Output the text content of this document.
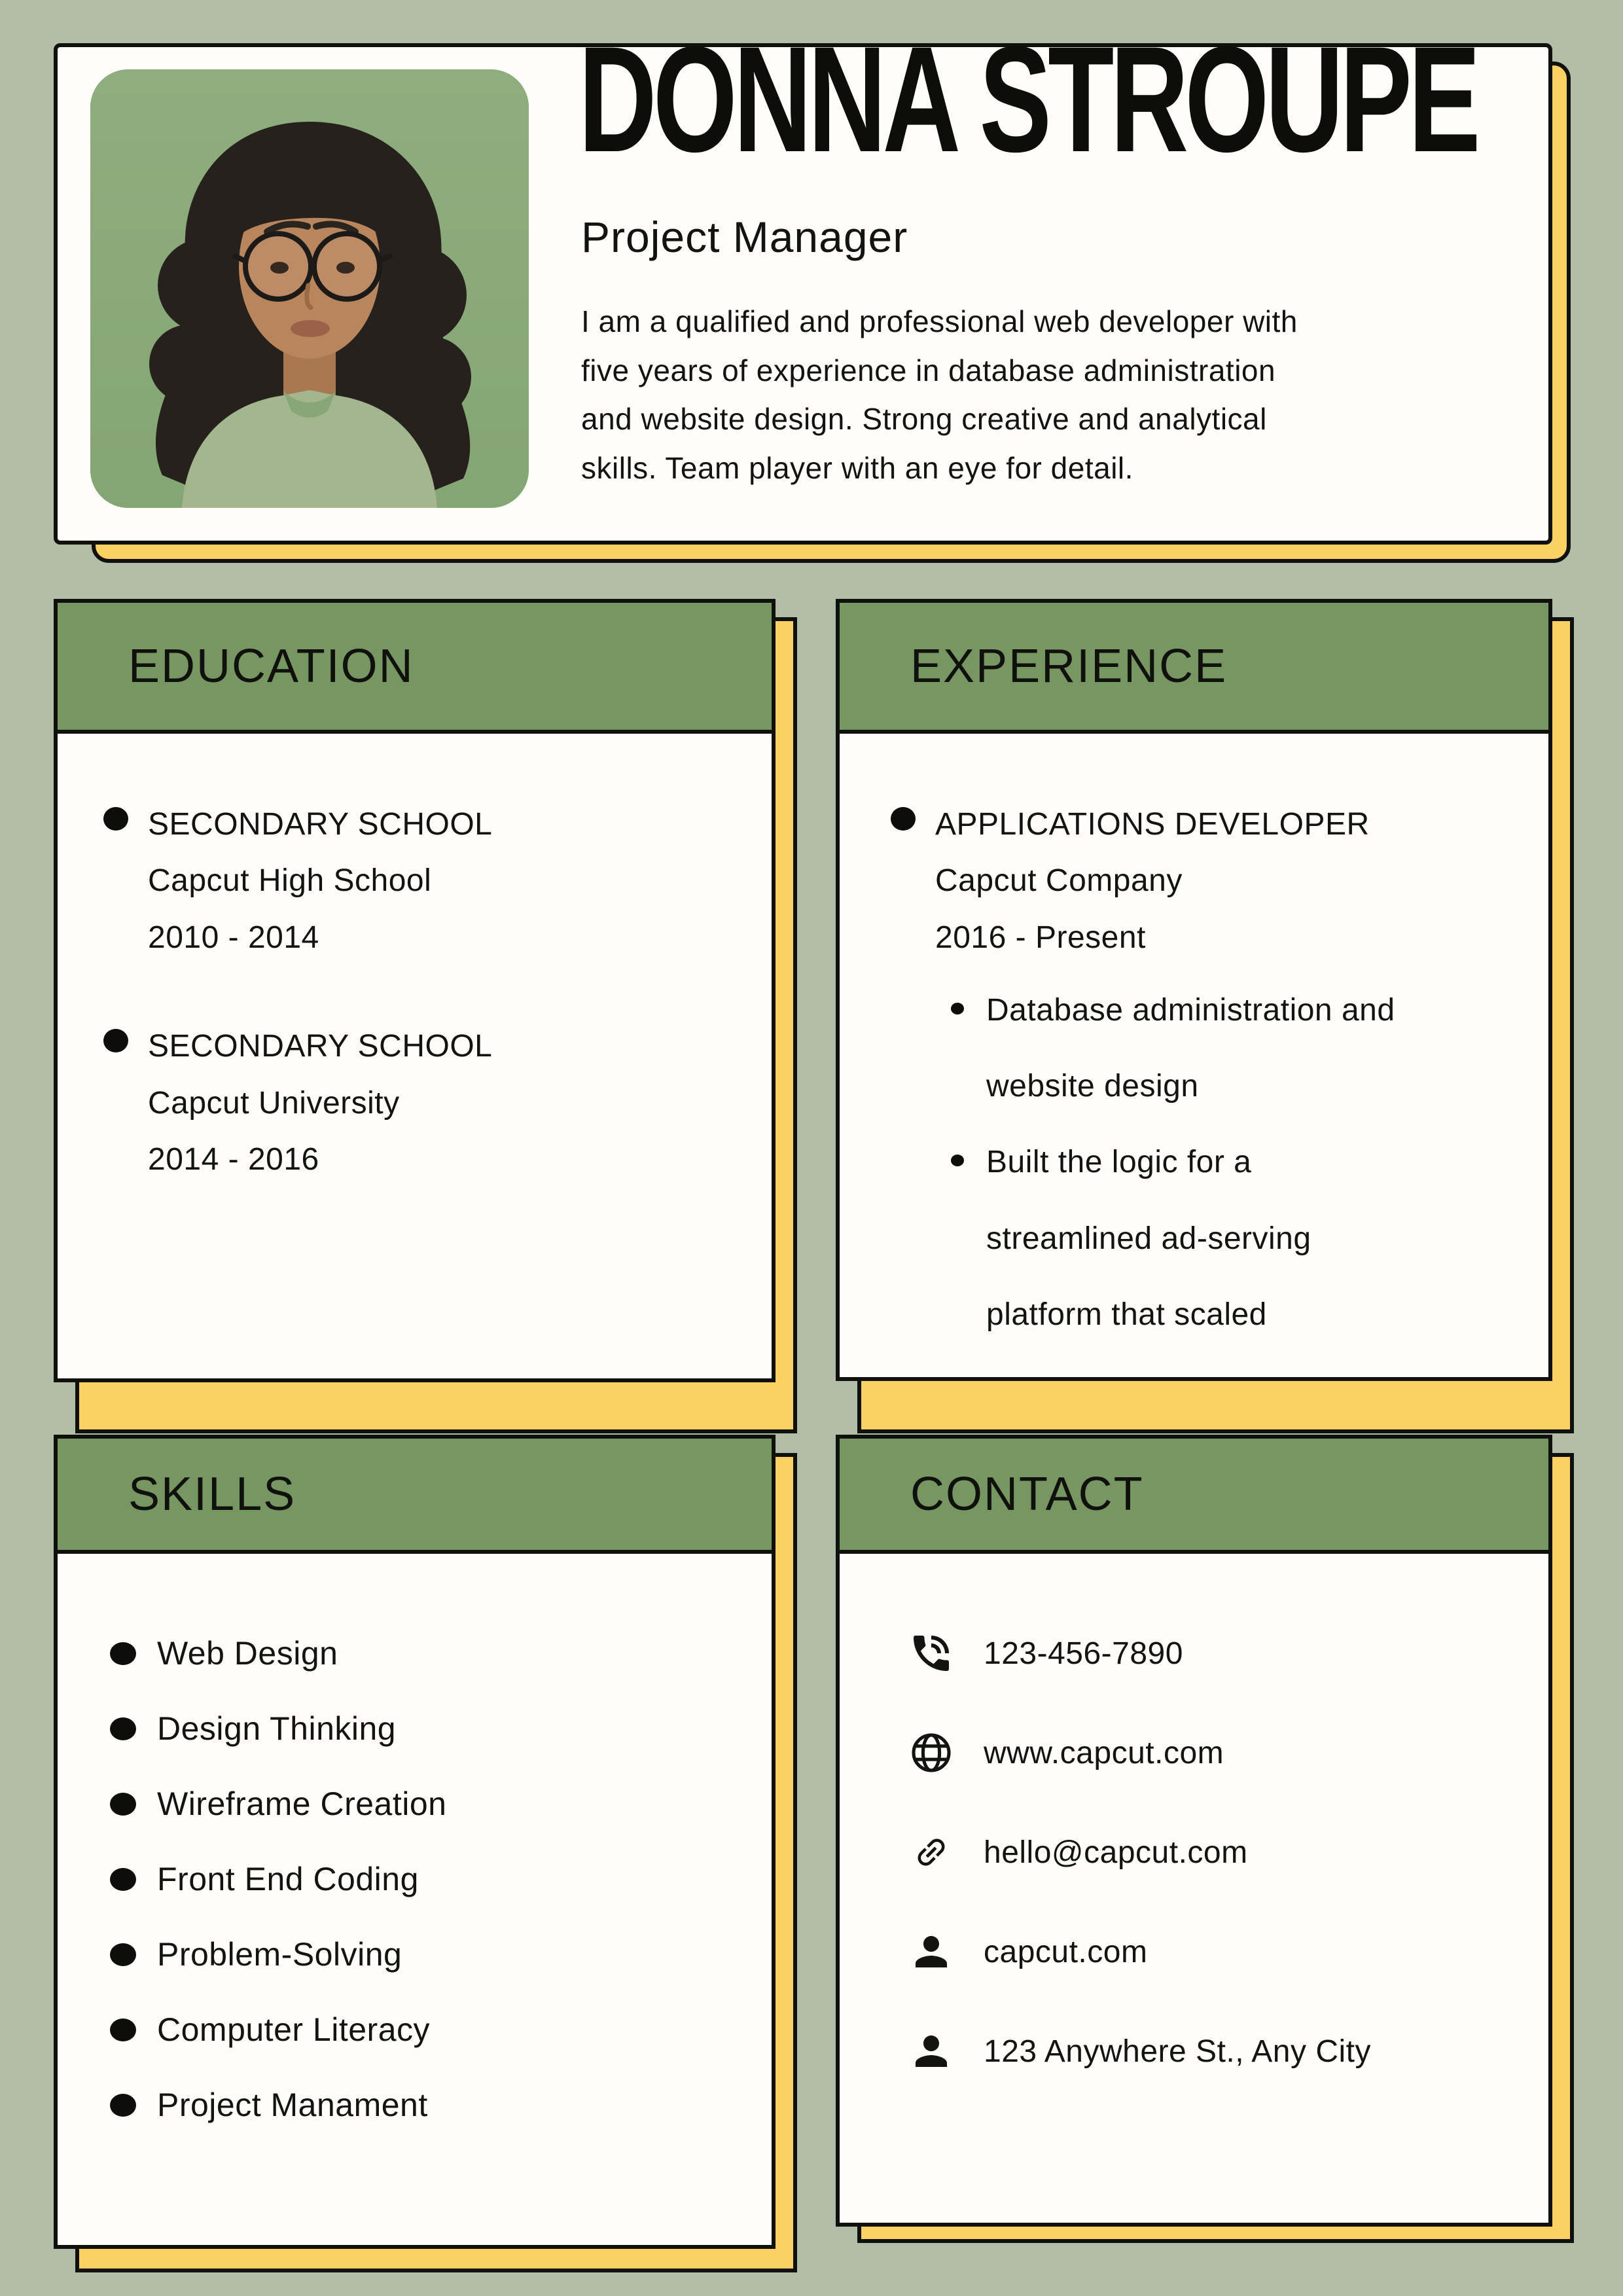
DONNA STROUPE
Project Manager
I am a qualified and professional web developer with
five years of experience in database administration
and website design. Strong creative and analytical
skills. Team player with an eye for detail.
EDUCATION
SECONDARY SCHOOL
Capcut High School
2010 - 2014
SECONDARY SCHOOL
Capcut University
2014 - 2016
EXPERIENCE
APPLICATIONS DEVELOPER
Capcut Company
2016 - Present
Database administration and
website design
Built the logic for a
streamlined ad-serving
platform that scaled
SKILLS
Web Design
Design Thinking
Wireframe Creation
Front End Coding
Problem-Solving
Computer Literacy
Project Manament
CONTACT
123-456-7890
www.capcut.com
hello@capcut.com
capcut.com
123 Anywhere St., Any City
